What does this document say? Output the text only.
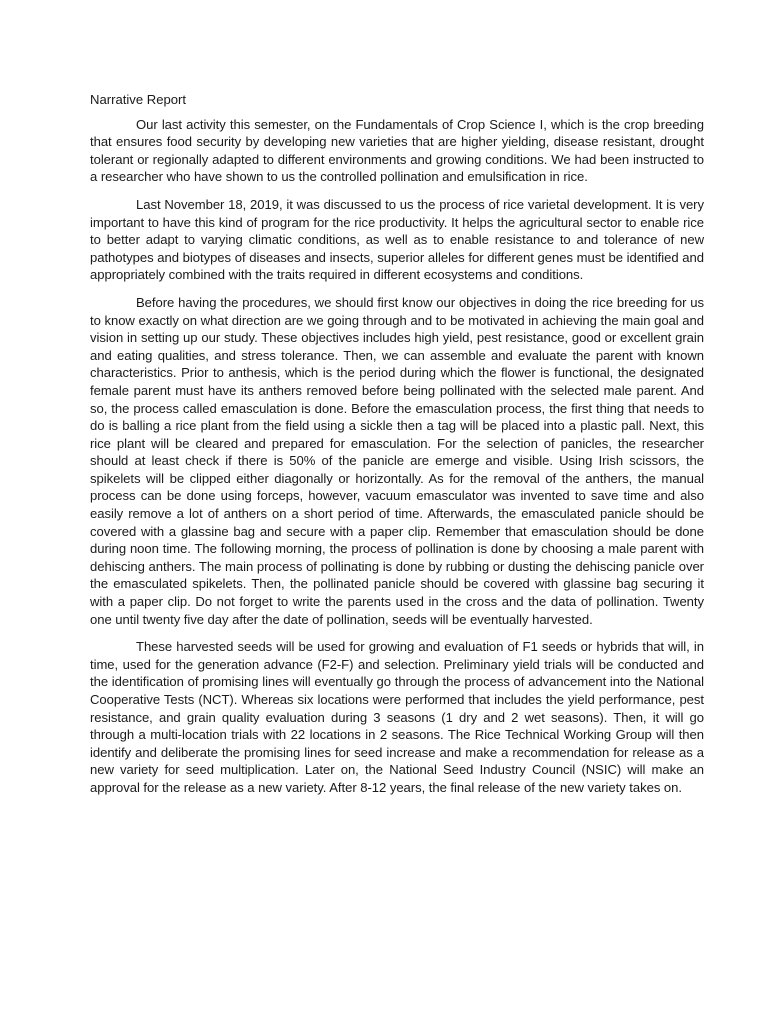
Narrative Report

Our last activity this semester, on the Fundamentals of Crop Science I, which is the crop breeding that ensures food security by developing new varieties that are higher yielding, disease resistant, drought tolerant or regionally adapted to different environments and growing conditions. We had been instructed to a researcher who have shown to us the controlled pollination and emulsification in rice.

Last November 18, 2019, it was discussed to us the process of rice varietal development. It is very important to have this kind of program for the rice productivity. It helps the agricultural sector to enable rice to better adapt to varying climatic conditions, as well as to enable resistance to and tolerance of new pathotypes and biotypes of diseases and insects, superior alleles for different genes must be identified and appropriately combined with the traits required in different ecosystems and conditions.

Before having the procedures, we should first know our objectives in doing the rice breeding for us to know exactly on what direction are we going through and to be motivated in achieving the main goal and vision in setting up our study. These objectives includes high yield, pest resistance, good or excellent grain and eating qualities, and stress tolerance. Then, we can assemble and evaluate the parent with known characteristics. Prior to anthesis, which is the period during which the flower is functional, the designated female parent must have its anthers removed before being pollinated with the selected male parent. And so, the process called emasculation is done. Before the emasculation process, the first thing that needs to do is balling a rice plant from the field using a sickle then a tag will be placed into a plastic pall. Next, this rice plant will be cleared and prepared for emasculation. For the selection of panicles, the researcher should at least check if there is 50% of the panicle are emerge and visible. Using Irish scissors, the spikelets will be clipped either diagonally or horizontally. As for the removal of the anthers, the manual process can be done using forceps, however, vacuum emasculator was invented to save time and also easily remove a lot of anthers on a short period of time. Afterwards, the emasculated panicle should be covered with a glassine bag and secure with a paper clip. Remember that emasculation should be done during noon time. The following morning, the process of pollination is done by choosing a male parent with dehiscing anthers. The main process of pollinating is done by rubbing or dusting the dehiscing panicle over the emasculated spikelets. Then, the pollinated panicle should be covered with glassine bag securing it with a paper clip. Do not forget to write the parents used in the cross and the data of pollination. Twenty one until twenty five day after the date of pollination, seeds will be eventually harvested.

These harvested seeds will be used for growing and evaluation of F1 seeds or hybrids that will, in time, used for the generation advance (F2-F) and selection. Preliminary yield trials will be conducted and the identification of promising lines will eventually go through the process of advancement into the National Cooperative Tests (NCT). Whereas six locations were performed that includes the yield performance, pest resistance, and grain quality evaluation during 3 seasons (1 dry and 2 wet seasons). Then, it will go through a multi-location trials with 22 locations in 2 seasons. The Rice Technical Working Group will then identify and deliberate the promising lines for seed increase and make a recommendation for release as a new variety for seed multiplication. Later on, the National Seed Industry Council (NSIC) will make an approval for the release as a new variety. After 8-12 years, the final release of the new variety takes on.
